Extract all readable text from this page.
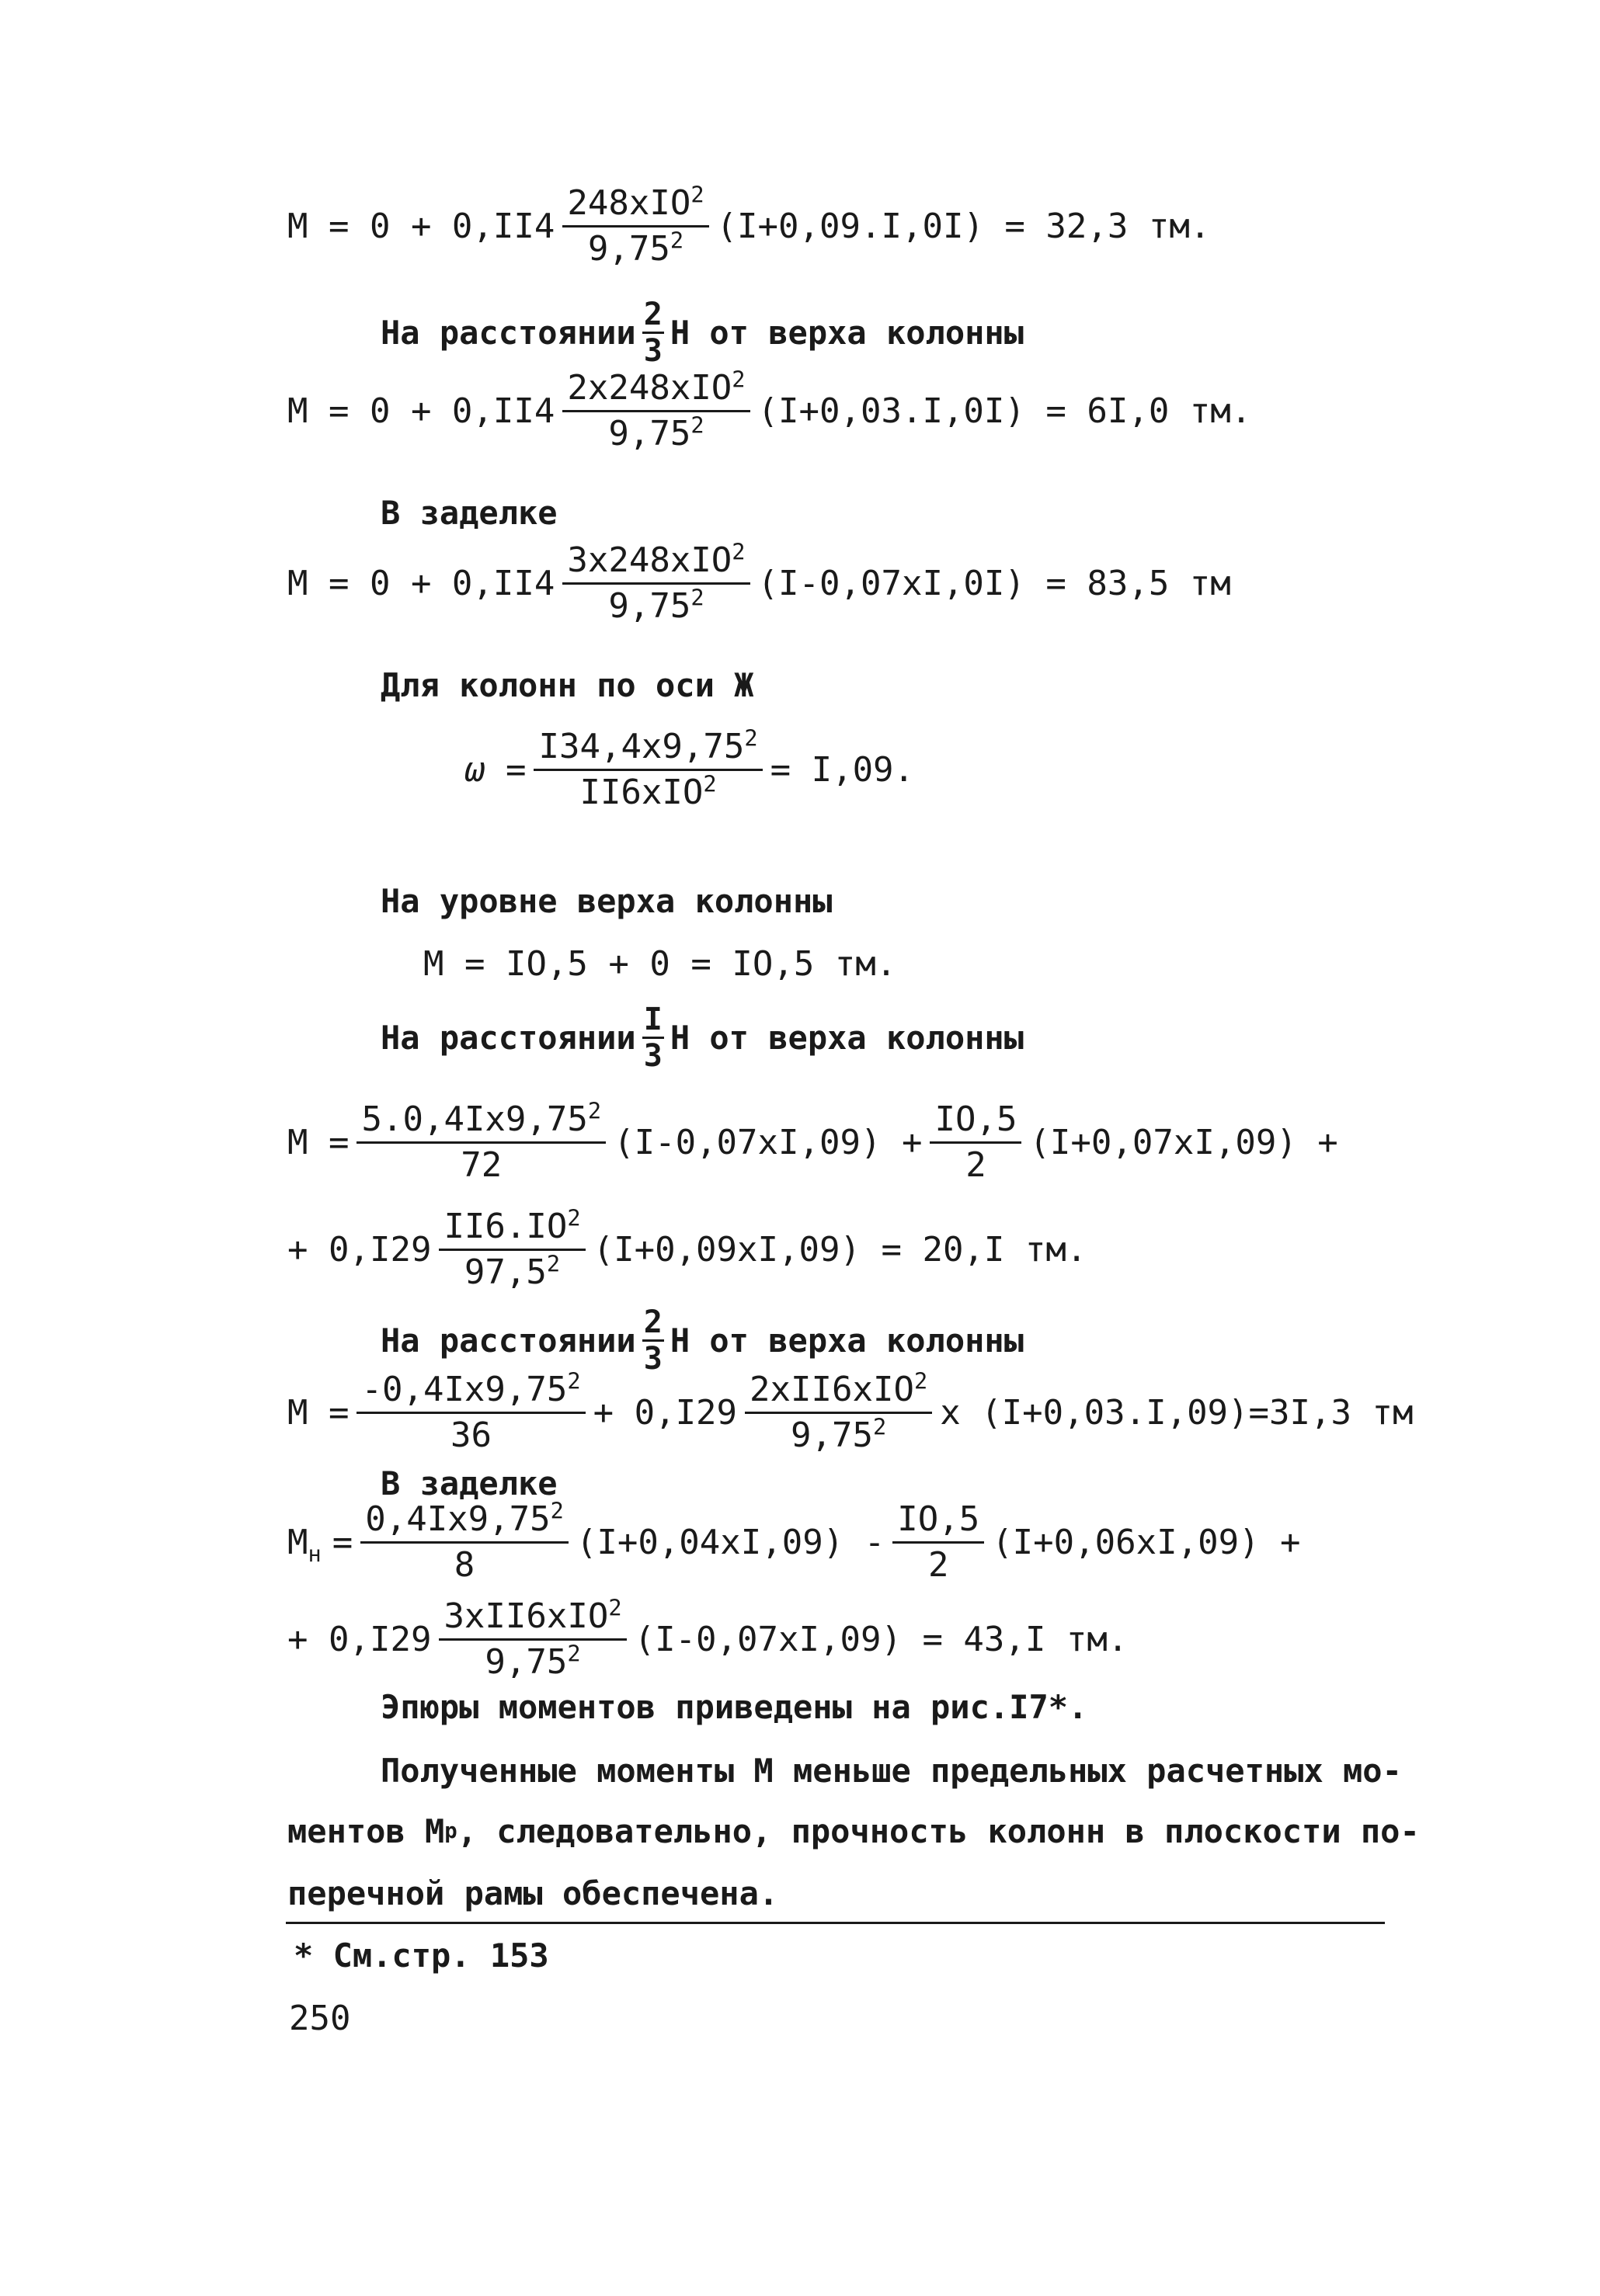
$M = 0 + 0,II4 \frac{248xIO^2}{9,75^2} (I+0,09.I,0I) = 32,3$ тм.
На расстоянии $\frac{2}{3}$ Н от верха колонны
$M = 0 + 0,II4 \frac{2x248xIO^2}{9,75^2} (I+0,03.I,0I) = 6I,0$ тм.
В заделке
$M = 0 + 0,II4 \frac{3x248xIO^2}{9,75^2} (I-0,07xI,0I) = 83,5$ тм
Для колонн по оси Ж
$\omega = \frac{I34,4x9,75^2}{II6xIO^2} = I,09$.
На уровне верха колонны
M = IO,5 + 0 = IO,5 тм.
На расстоянии $\frac{I}{3}$ Н от верха колонны
$M = \frac{5.0,4Ix9,75^2}{72} (I-0,07xI,09) + \frac{IO,5}{2} (I+0,07xI,09)$ +
+ $0,I29 \frac{II6.IO^2}{97,5^2} (I+0,09xI,09) = 20,I$ тм.
На расстоянии $\frac{2}{3}$ Н от верха колонны
$M = \frac{-0,4Ix9,75^2}{36} + 0,I29 \frac{2xII6xIO^2}{9,75^2}$ x (I+0,03.I,09)=3I,3 тм
В заделке
$M_н = \frac{0,4Ix9,75^2}{8} (I+0,04xI,09) - \frac{IO,5}{2} (I+0,06xI,09)$ +
+ $0,I29 \frac{3xII6xIO^2}{9,75^2} (I-0,07xI,09) = 43,I$ тм.
Эпюры моментов приведены на рис.I7*.
Полученные моменты M меньше предельных расчетных мо-
ментов M р , следовательно, прочность колонн в плоскости по-
перечной рамы обеспечена.
* См.стр. 153
250
